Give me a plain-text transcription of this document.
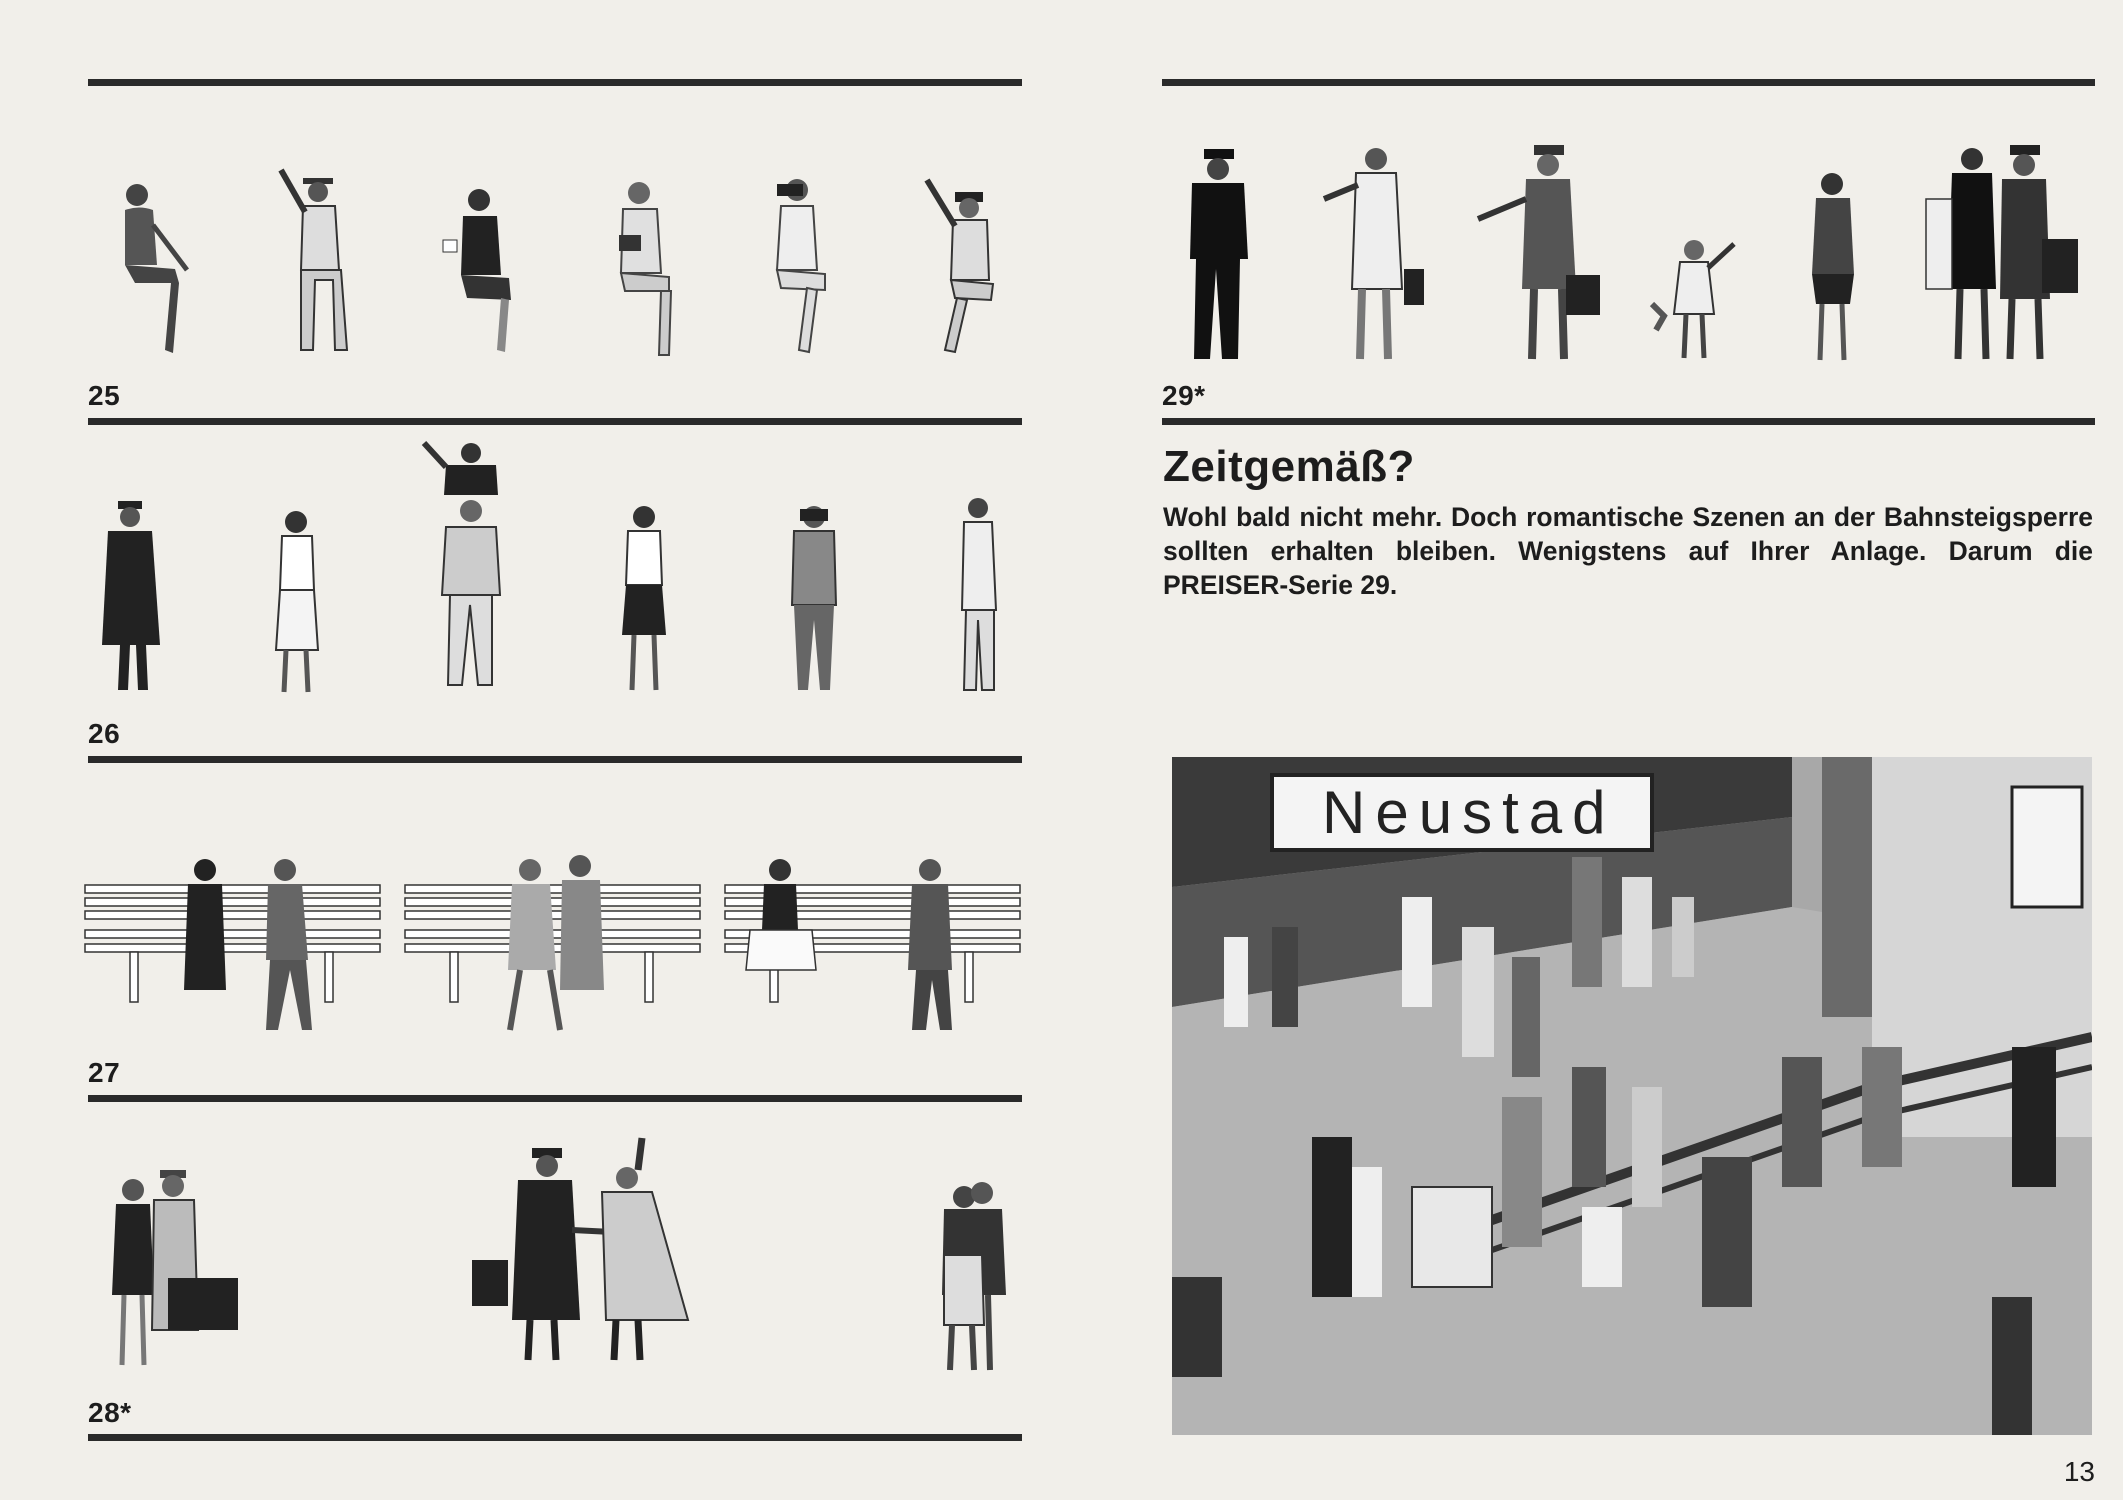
25
26
27
28*
29*
Zeitgemäß?

Wohl bald nicht mehr. Doch romantische Szenen an der Bahnsteigsperre sollten erhalten bleiben. Wenigstens auf Ihrer Anlage. Darum die PREISER-Serie 29.

Neustad
13
